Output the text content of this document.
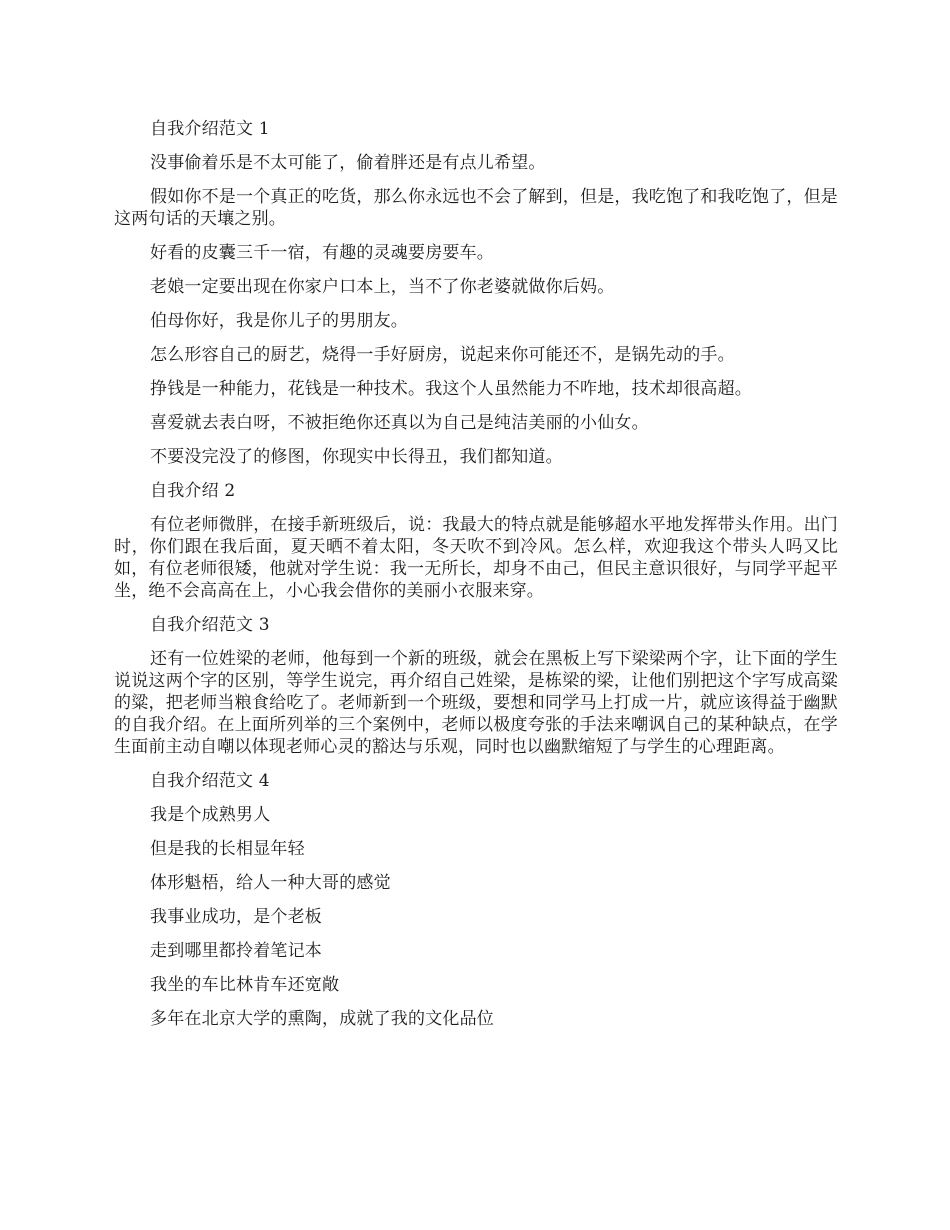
自我介绍范文 1

没事偷着乐是不太可能了，偷着胖还是有点儿希望。

假如你不是一个真正的吃货，那么你永远也不会了解到，但是，我吃饱了和我吃饱了，但是这两句话的天壤之别。

好看的皮囊三千一宿，有趣的灵魂要房要车。

老娘一定要出现在你家户口本上，当不了你老婆就做你后妈。

伯母你好，我是你儿子的男朋友。

怎么形容自己的厨艺，烧得一手好厨房，说起来你可能还不，是锅先动的手。

挣钱是一种能力，花钱是一种技术。我这个人虽然能力不咋地，技术却很高超。

喜爱就去表白呀，不被拒绝你还真以为自己是纯洁美丽的小仙女。

不要没完没了的修图，你现实中长得丑，我们都知道。

自我介绍 2

有位老师微胖，在接手新班级后，说：我最大的特点就是能够超水平地发挥带头作用。出门时，你们跟在我后面，夏天晒不着太阳，冬天吹不到冷风。怎么样，欢迎我这个带头人吗又比如，有位老师很矮，他就对学生说：我一无所长，却身不由己，但民主意识很好，与同学平起平坐，绝不会高高在上，小心我会借你的美丽小衣服来穿。

自我介绍范文 3

还有一位姓梁的老师，他每到一个新的班级，就会在黑板上写下梁梁两个字，让下面的学生说说这两个字的区别，等学生说完，再介绍自己姓梁，是栋梁的梁，让他们别把这个字写成高粱的粱，把老师当粮食给吃了。老师新到一个班级，要想和同学马上打成一片，就应该得益于幽默的自我介绍。在上面所列举的三个案例中，老师以极度夸张的手法来嘲讽自己的某种缺点，在学生面前主动自嘲以体现老师心灵的豁达与乐观，同时也以幽默缩短了与学生的心理距离。

自我介绍范文 4

我是个成熟男人

但是我的长相显年轻

体形魁梧，给人一种大哥的感觉

我事业成功，是个老板

走到哪里都拎着笔记本

我坐的车比林肯车还宽敞

多年在北京大学的熏陶，成就了我的文化品位
